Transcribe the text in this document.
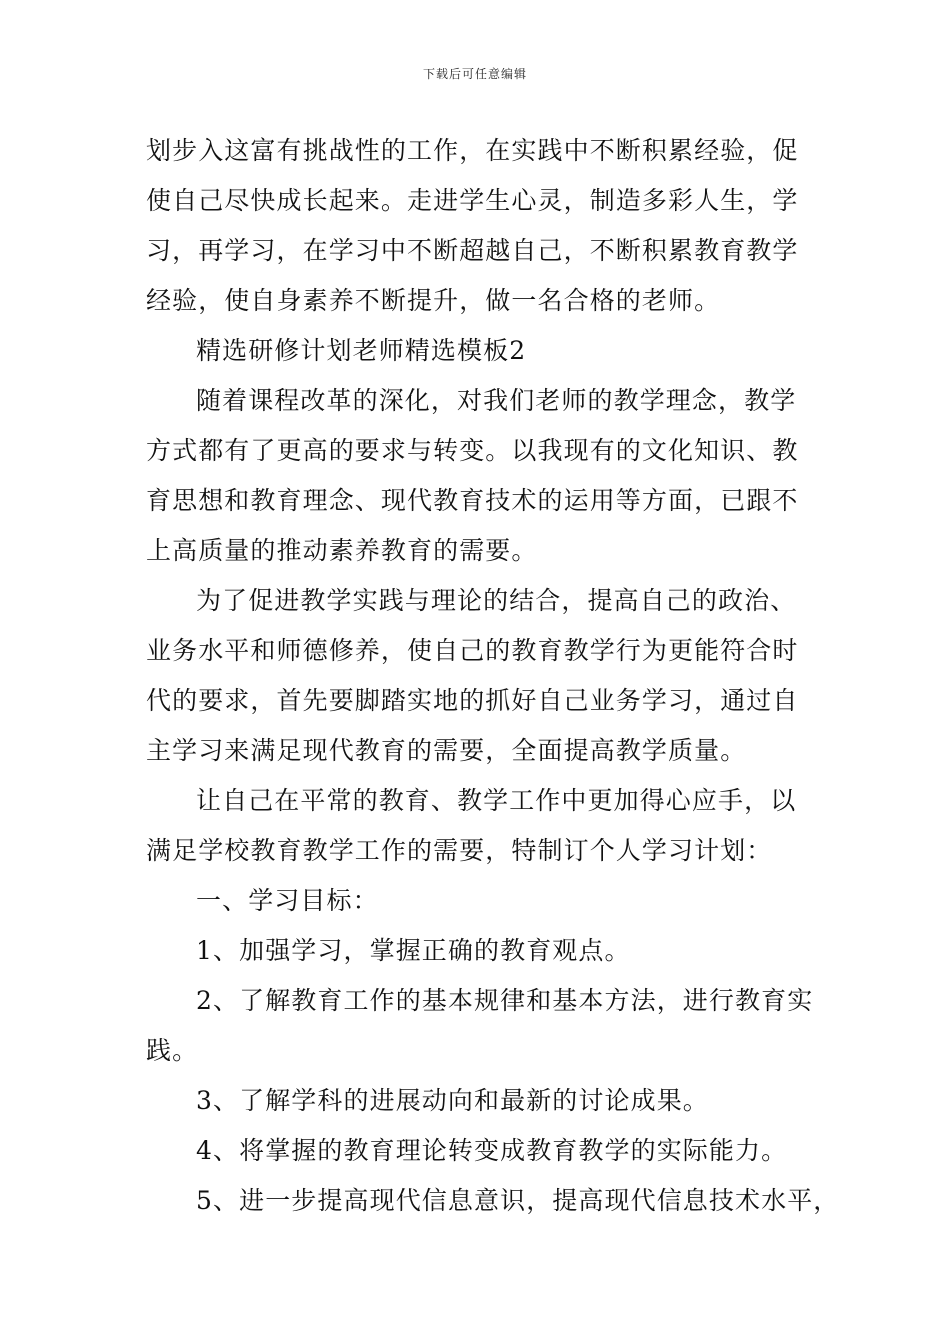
下载后可任意编辑
划步入这富有挑战性的工作，在实践中不断积累经验，促
使自己尽快成长起来。走进学生心灵，制造多彩人生，学
习，再学习，在学习中不断超越自己，不断积累教育教学
经验，使自身素养不断提升，做一名合格的老师。
精选研修计划老师精选模板2
随着课程改革的深化，对我们老师的教学理念，教学
方式都有了更高的要求与转变。以我现有的文化知识、教
育思想和教育理念、现代教育技术的运用等方面，已跟不
上高质量的推动素养教育的需要。
为了促进教学实践与理论的结合，提高自己的政治、
业务水平和师德修养，使自己的教育教学行为更能符合时
代的要求，首先要脚踏实地的抓好自己业务学习，通过自
主学习来满足现代教育的需要，全面提高教学质量。
让自己在平常的教育、教学工作中更加得心应手，以
满足学校教育教学工作的需要，特制订个人学习计划：
一、学习目标：
1、加强学习，掌握正确的教育观点。
2、了解教育工作的基本规律和基本方法，进行教育实
践。
3、了解学科的进展动向和最新的讨论成果。
4、将掌握的教育理论转变成教育教学的实际能力。
5、进一步提高现代信息意识，提高现代信息技术水平，
